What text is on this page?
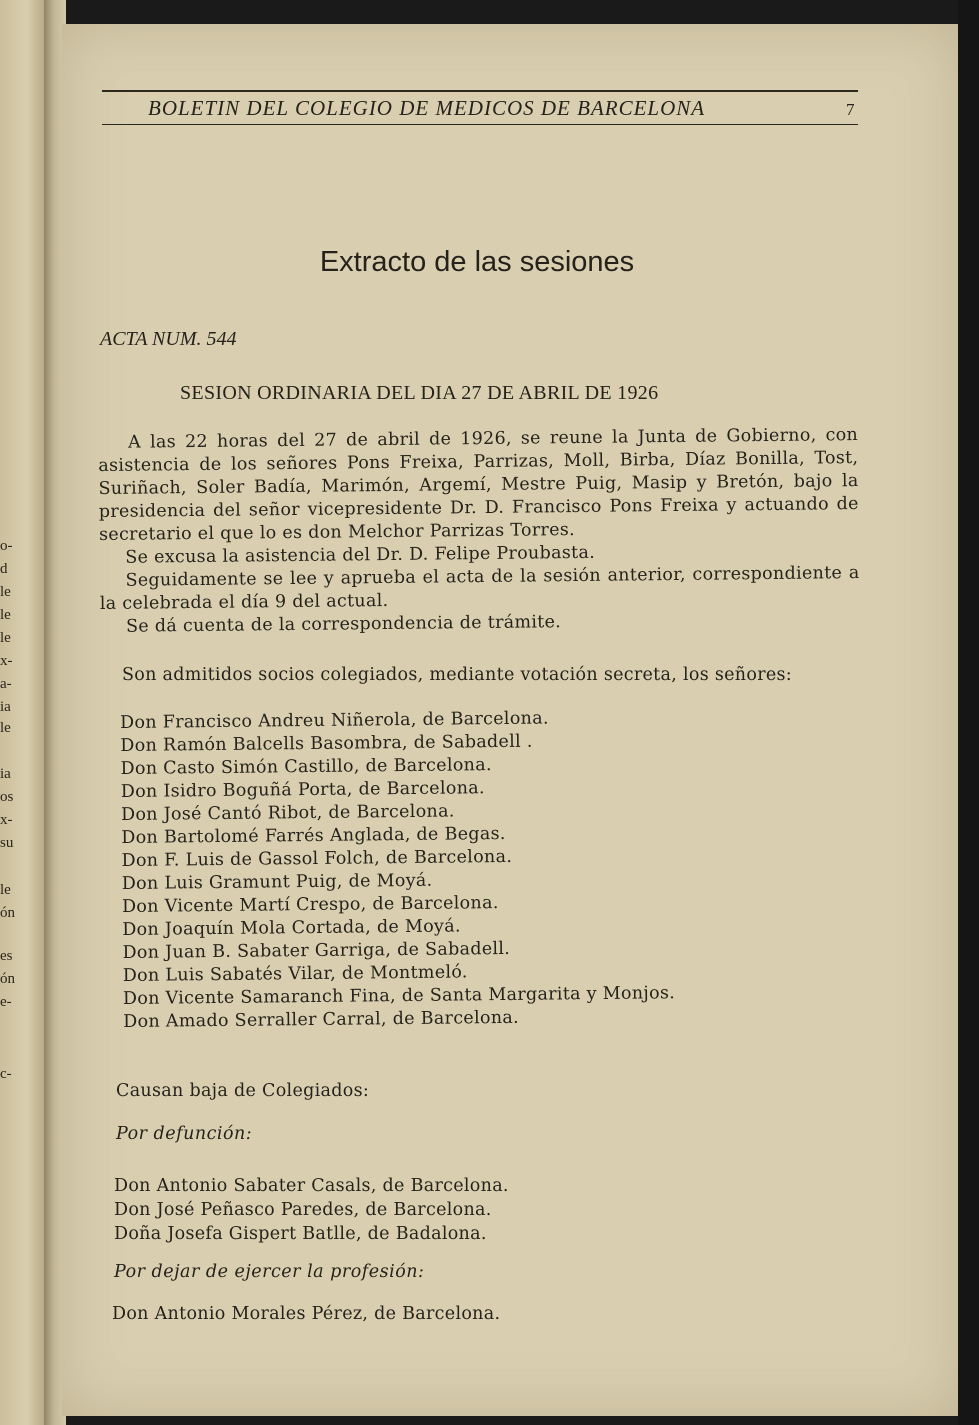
o-
d
le
le
le
x-
a-
ia
le
ia
os
x-
su
le
ón
es
ón
e-
c-
BOLETIN DEL COLEGIO DE MEDICOS DE BARCELONA	7
Extracto de las sesiones
ACTA NUM. 544
SESION ORDINARIA DEL DIA 27 DE ABRIL DE 1926

A las 22 horas del 27 de abril de 1926, se reune la Junta de Gobierno, con asistencia de los señores Pons Freixa, Parrizas, Moll, Birba, Díaz Bonilla, Tost, Suriñach, Soler Badía, Marimón, Argemí, Mestre Puig, Masip y Bretón, bajo la presidencia del señor vicepresidente Dr. D. Francisco Pons Freixa y actuando de secretario el que lo es don Melchor Parrizas Torres.

Se excusa la asistencia del Dr. D. Felipe Proubasta.

Seguidamente se lee y aprueba el acta de la sesión anterior, correspondiente a la celebrada el día 9 del actual.

Se dá cuenta de la correspondencia de trámite.

Son admitidos socios colegiados, mediante votación secreta, los señores:
Don Francisco Andreu Niñerola, de Barcelona.
Don Ramón Balcells Basombra, de Sabadell .
Don Casto Simón Castillo, de Barcelona.
Don Isidro Boguñá Porta, de Barcelona.
Don José Cantó Ribot, de Barcelona.
Don Bartolomé Farrés Anglada, de Begas.
Don F. Luis de Gassol Folch, de Barcelona.
Don Luis Gramunt Puig, de Moyá.
Don Vicente Martí Crespo, de Barcelona.
Don Joaquín Mola Cortada, de Moyá.
Don Juan B. Sabater Garriga, de Sabadell.
Don Luis Sabatés Vilar, de Montmeló.
Don Vicente Samaranch Fina, de Santa Margarita y Monjos.
Don Amado Serraller Carral, de Barcelona.
Causan baja de Colegiados:
Por defunción:
Don Antonio Sabater Casals, de Barcelona.
Don José Peñasco Paredes, de Barcelona.
Doña Josefa Gispert Batlle, de Badalona.
Por dejar de ejercer la profesión:
Don Antonio Morales Pérez, de Barcelona.
